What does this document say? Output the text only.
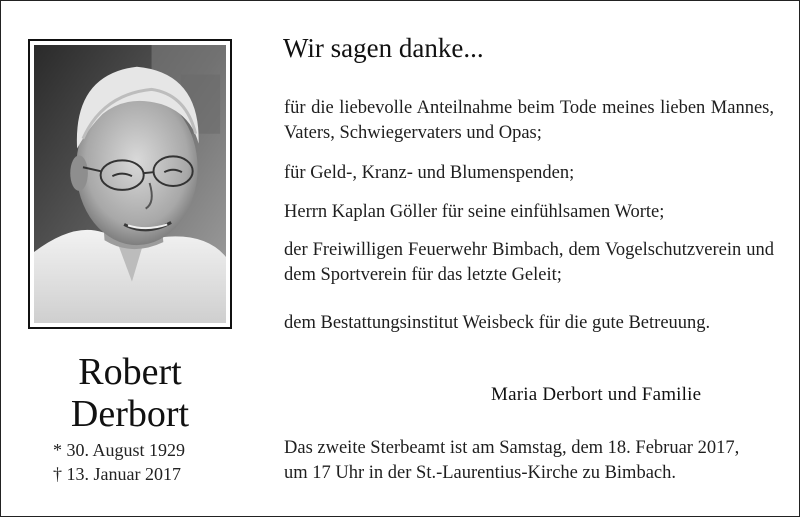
Robert
Derbort
* 30. August 1929
† 13. Januar 2017
Wir sagen danke...
für die liebevolle Anteilnahme beim Tode meines lieben Mannes, Vaters, Schwiegervaters und Opas;
für Geld-, Kranz- und Blumenspenden;
Herrn Kaplan Göller für seine einfühlsamen Worte;
der Freiwilligen Feuerwehr Bimbach, dem Vogelschutzverein und dem Sportverein für das letzte Geleit;
dem Bestattungsinstitut Weisbeck für die gute Betreuung.
Maria Derbort und Familie
Das zweite Sterbeamt ist am Samstag, dem 18. Februar 2017,
um 17 Uhr in der St.-Laurentius-Kirche zu Bimbach.
